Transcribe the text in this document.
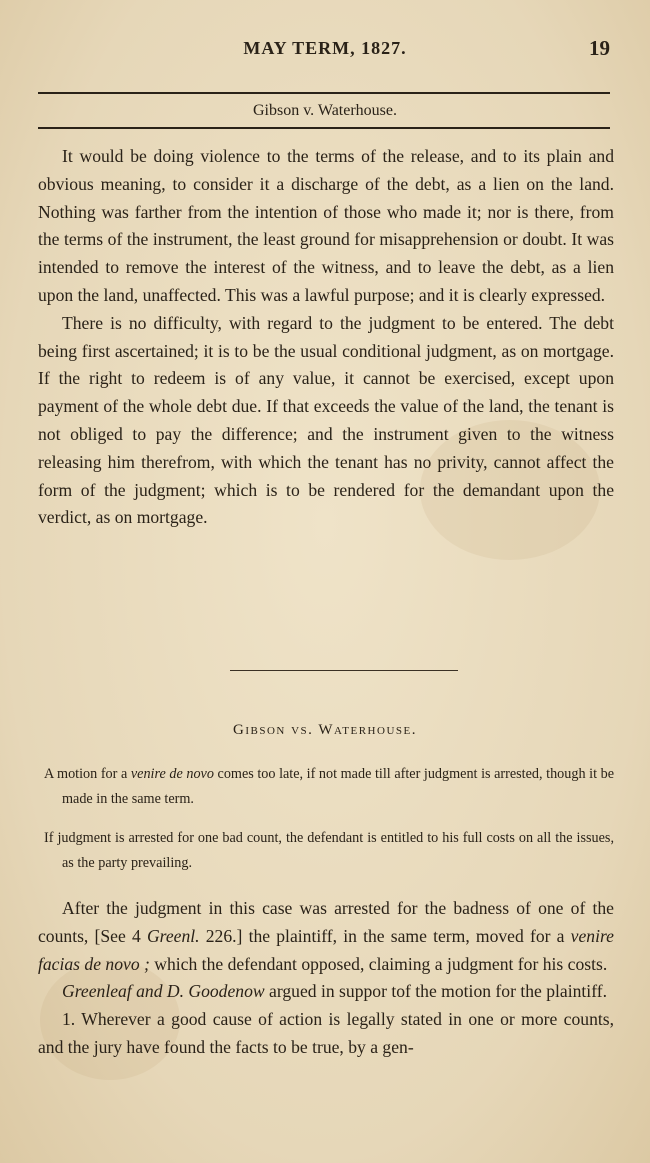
MAY TERM, 1827.	19
Gibson v. Waterhouse.

It would be doing violence to the terms of the release, and to its plain and obvious meaning, to consider it a discharge of the debt, as a lien on the land. Nothing was farther from the intention of those who made it; nor is there, from the terms of the instrument, the least ground for misapprehension or doubt. It was intended to remove the interest of the witness, and to leave the debt, as a lien upon the land, unaffected. This was a lawful purpose; and it is clearly expressed.

There is no difficulty, with regard to the judgment to be entered. The debt being first ascertained; it is to be the usual conditional judgment, as on mortgage. If the right to redeem is of any value, it cannot be exercised, except upon payment of the whole debt due. If that exceeds the value of the land, the tenant is not obliged to pay the difference; and the instrument given to the witness releasing him therefrom, with which the tenant has no privity, cannot affect the form of the judgment; which is to be rendered for the demandant upon the verdict, as on mortgage.

Gibson vs. Waterhouse.

A motion for a venire de novo comes too late, if not made till after judgment is arrested, though it be made in the same term.

If judgment is arrested for one bad count, the defendant is entitled to his full costs on all the issues, as the party prevailing.

After the judgment in this case was arrested for the badness of one of the counts, [See 4 Greenl. 226.] the plaintiff, in the same term, moved for a venire facias de novo ; which the defendant opposed, claiming a judgment for his costs.

Greenleaf and D. Goodenow argued in suppor tof the motion for the plaintiff.

1. Wherever a good cause of action is legally stated in one or more counts, and the jury have found the facts to be true, by a gen-
